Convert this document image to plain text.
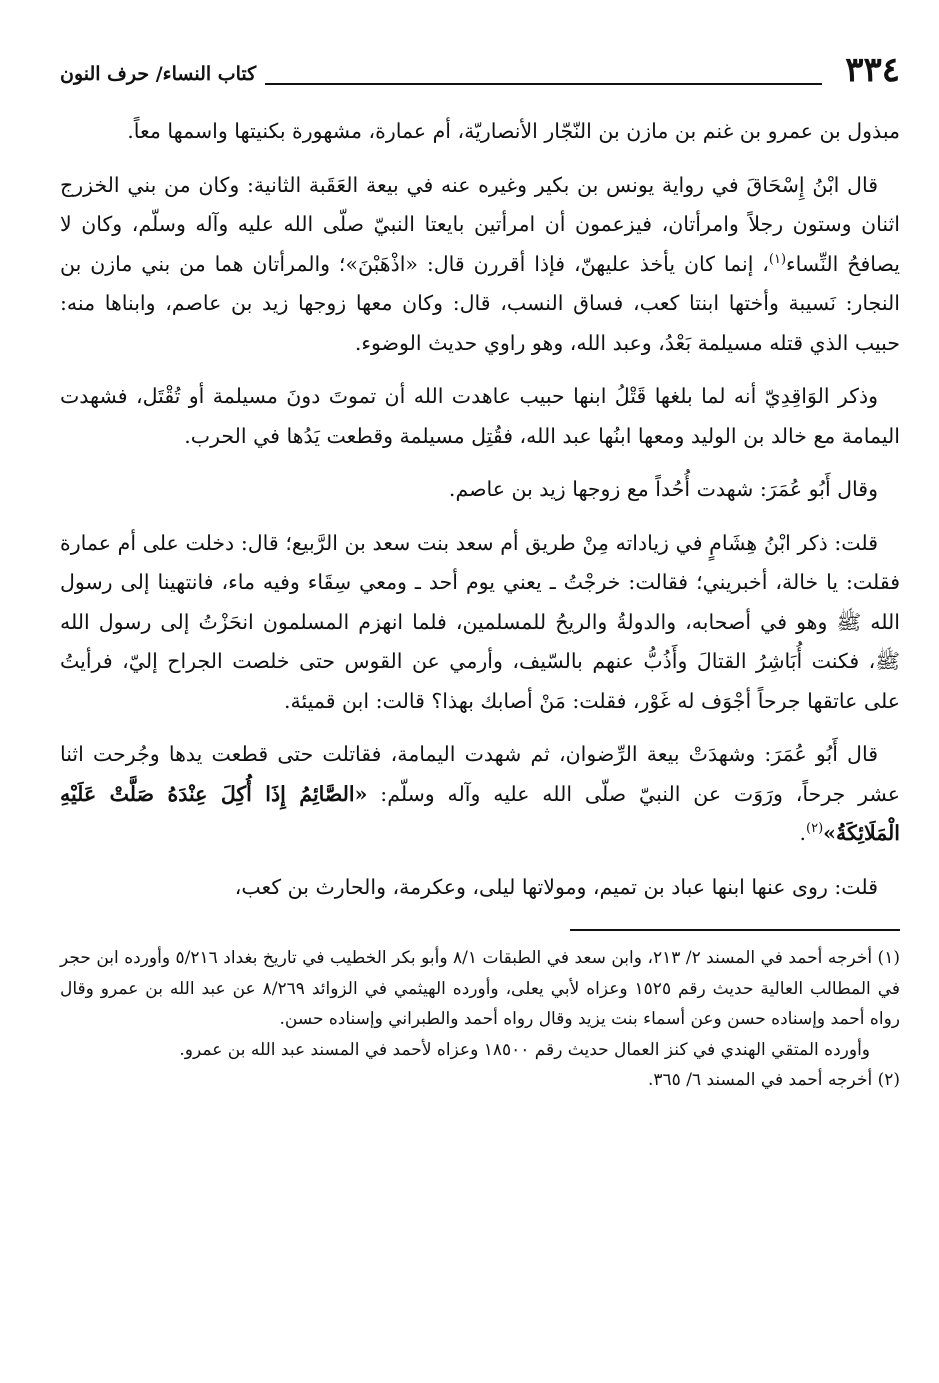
٣٣٤
كتاب النساء/ حرف النون

مبذول بن عمرو بن غنم بن مازن بن النّجّار الأنصاريّة، أم عمارة، مشهورة بكنيتها واسمها معاً.

قال ابْنُ إِسْحَاقَ في رواية يونس بن بكير وغيره عنه في بيعة العَقَبة الثانية: وكان من بني الخزرج اثنان وستون رجلاً وامرأتان، فيزعمون أن امرأتين بايعتا النبيّ صلّى الله عليه وآله وسلّم، وكان لا يصافحُ النِّساء$^{(١)}$، إنما كان يأخذ عليهنّ، فإذا أقررن قال: «اذْهَبْنَ»؛ والمرأتان هما من بني مازن بن النجار: نَسيبة وأختها ابنتا كعب، فساق النسب، قال: وكان معها زوجها زيد بن عاصم، وابناها منه: حبيب الذي قتله مسيلمة بَعْدُ، وعبد الله، وهو راوي حديث الوضوء.

وذكر الوَاقِدِيّ أنه لما بلغها قَتْلُ ابنها حبيب عاهدت الله أن تموتَ دونَ مسيلمة أو تُقْتَل، فشهدت اليمامة مع خالد بن الوليد ومعها ابنُها عبد الله، فقُتِل مسيلمة وقطعت يَدُها في الحرب.

وقال أَبُو عُمَرَ: شهدت أُحُداً مع زوجها زيد بن عاصم.

قلت: ذكر ابْنُ هِشَامٍ في زياداته مِنْ طريق أم سعد بنت سعد بن الرَّبيع؛ قال: دخلت على أم عمارة فقلت: يا خالة، أخبريني؛ فقالت: خرجْتُ ـ يعني يوم أحد ـ ومعي سِقَاء وفيه ماء، فانتهينا إلى رسول الله ﷺ وهو في أصحابه، والدولةُ والريحُ للمسلمين، فلما انهزم المسلمون انحَزْتُ إلى رسول الله ﷺ، فكنت أُبَاشِرُ القتالَ وأَذُبُّ عنهم بالسّيف، وأرمي عن القوس حتى خلصت الجراح إليّ، فرأيتُ على عاتقها جرحاً أجْوَف له غَوْر، فقلت: مَنْ أصابك بهذا؟ قالت: ابن قميئة.

قال أَبُو عُمَرَ: وشهدَتْ بيعة الرِّضوان، ثم شهدت اليمامة، فقاتلت حتى قطعت يدها وجُرحت اثنا عشر جرحاً، ورَوَت عن النبيّ صلّى الله عليه وآله وسلّم: «الصَّائِمُ إِذَا أُكِلَ عِنْدَهُ صَلَّتْ عَلَيْهِ الْمَلَائِكَةُ»$^{(٢)}$.

قلت: روى عنها ابنها عباد بن تميم، ومولاتها ليلى، وعكرمة، والحارث بن كعب،

(١) أخرجه أحمد في المسند ٢/ ٢١٣، وابن سعد في الطبقات ٨/١ وأبو بكر الخطيب في تاريخ بغداد ٥/٢١٦ وأورده ابن حجر في المطالب العالية حديث رقم ١٥٢٥ وعزاه لأبي يعلى، وأورده الهيثمي في الزوائد ٨/٢٦٩ عن عبد الله بن عمرو وقال رواه أحمد وإسناده حسن وعن أسماء بنت يزيد وقال رواه أحمد والطبراني وإسناده حسن.

وأورده المتقي الهندي في كنز العمال حديث رقم ١٨٥٠٠ وعزاه لأحمد في المسند عبد الله بن عمرو.

(٢) أخرجه أحمد في المسند ٦/ ٣٦٥.
